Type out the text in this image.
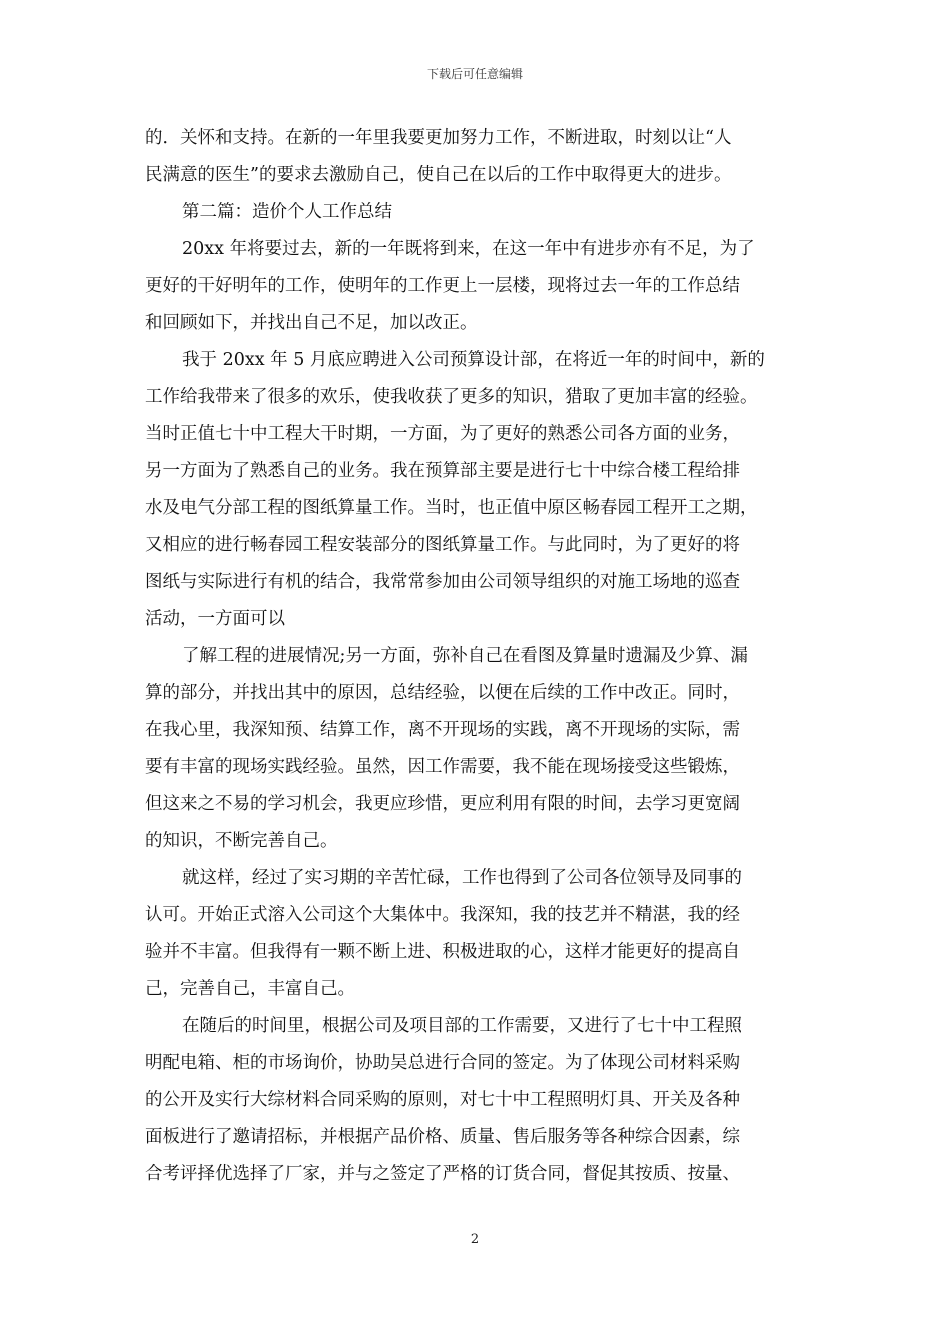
下载后可任意编辑
的．关怀和支持。在新的一年里我要更加努力工作，不断进取，时刻以让“人
民满意的医生”的要求去激励自己，使自己在以后的工作中取得更大的进步。
第二篇：造价个人工作总结
20xx 年将要过去，新的一年既将到来，在这一年中有进步亦有不足，为了
更好的干好明年的工作，使明年的工作更上一层楼，现将过去一年的工作总结
和回顾如下，并找出自己不足，加以改正。
我于 20xx 年 5 月底应聘进入公司预算设计部，在将近一年的时间中，新的
工作给我带来了很多的欢乐，使我收获了更多的知识，猎取了更加丰富的经验。
当时正值七十中工程大干时期，一方面，为了更好的熟悉公司各方面的业务，
另一方面为了熟悉自己的业务。我在预算部主要是进行七十中综合楼工程给排
水及电气分部工程的图纸算量工作。当时，也正值中原区畅春园工程开工之期，
又相应的进行畅春园工程安装部分的图纸算量工作。与此同时，为了更好的将
图纸与实际进行有机的结合，我常常参加由公司领导组织的对施工场地的巡查
活动，一方面可以
了解工程的进展情况;另一方面，弥补自己在看图及算量时遗漏及少算、漏
算的部分，并找出其中的原因，总结经验，以便在后续的工作中改正。同时，
在我心里，我深知预、结算工作，离不开现场的实践，离不开现场的实际，需
要有丰富的现场实践经验。虽然，因工作需要，我不能在现场接受这些锻炼，
但这来之不易的学习机会，我更应珍惜，更应利用有限的时间，去学习更宽阔
的知识，不断完善自己。
就这样，经过了实习期的辛苦忙碌，工作也得到了公司各位领导及同事的
认可。开始正式溶入公司这个大集体中。我深知，我的技艺并不精湛，我的经
验并不丰富。但我得有一颗不断上进、积极进取的心，这样才能更好的提高自
己，完善自己，丰富自己。
在随后的时间里，根据公司及项目部的工作需要，又进行了七十中工程照
明配电箱、柜的市场询价，协助吴总进行合同的签定。为了体现公司材料采购
的公开及实行大综材料合同采购的原则，对七十中工程照明灯具、开关及各种
面板进行了邀请招标，并根据产品价格、质量、售后服务等各种综合因素，综
合考评择优选择了厂家，并与之签定了严格的订货合同，督促其按质、按量、
2
